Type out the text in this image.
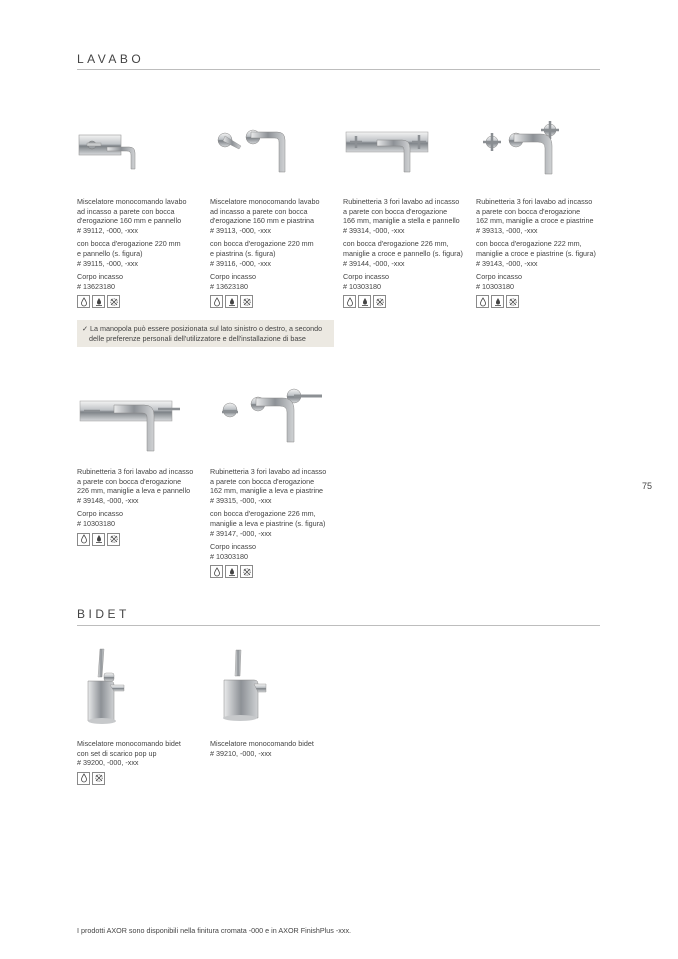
LAVABO
BIDET

Miscelatore monocomando lavabo
ad incasso a parete con bocca
d'erogazione 160 mm e pannello
# 39112, -000, -xxx

con bocca d'erogazione 220 mm
e pannello (s. figura)
# 39115, -000, -xxx

Corpo incasso
# 13623180

Miscelatore monocomando lavabo
ad incasso a parete con bocca
d'erogazione 160 mm e piastrina
# 39113, -000, -xxx

con bocca d'erogazione 220 mm
e piastrina (s. figura)
# 39116, -000, -xxx

Corpo incasso
# 13623180

Rubinetteria 3 fori lavabo ad incasso
a parete con bocca d'erogazione
166 mm, maniglie a stella e pannello
# 39314, -000, -xxx

con bocca d'erogazione 226 mm,
maniglie a croce e pannello (s. figura)
# 39144, -000, -xxx

Corpo incasso
# 10303180

Rubinetteria 3 fori lavabo ad incasso
a parete con bocca d'erogazione
162 mm, maniglie a croce e piastrine
# 39313, -000, -xxx

con bocca d'erogazione 222 mm,
maniglie a croce e piastrine (s. figura)
# 39143, -000, -xxx

Corpo incasso
# 10303180

✓ La manopola può essere posizionata sul lato sinistro o destro, a secondo
delle preferenze personali dell'utilizzatore e dell'installazione di base

Rubinetteria 3 fori lavabo ad incasso
a parete con bocca d'erogazione
226 mm, maniglie a leva e pannello
# 39148, -000, -xxx

Corpo incasso
# 10303180

Rubinetteria 3 fori lavabo ad incasso
a parete con bocca d'erogazione
162 mm, maniglie a leva e piastrine
# 39315, -000, -xxx

con bocca d'erogazione 226 mm,
maniglie a leva e piastrine (s. figura)
# 39147, -000, -xxx

Corpo incasso
# 10303180

Miscelatore monocomando bidet
con set di scarico pop up
# 39200, -000, -xxx

Miscelatore monocomando bidet
# 39210, -000, -xxx

75
I prodotti AXOR sono disponibili nella finitura cromata -000 e in AXOR FinishPlus -xxx.
